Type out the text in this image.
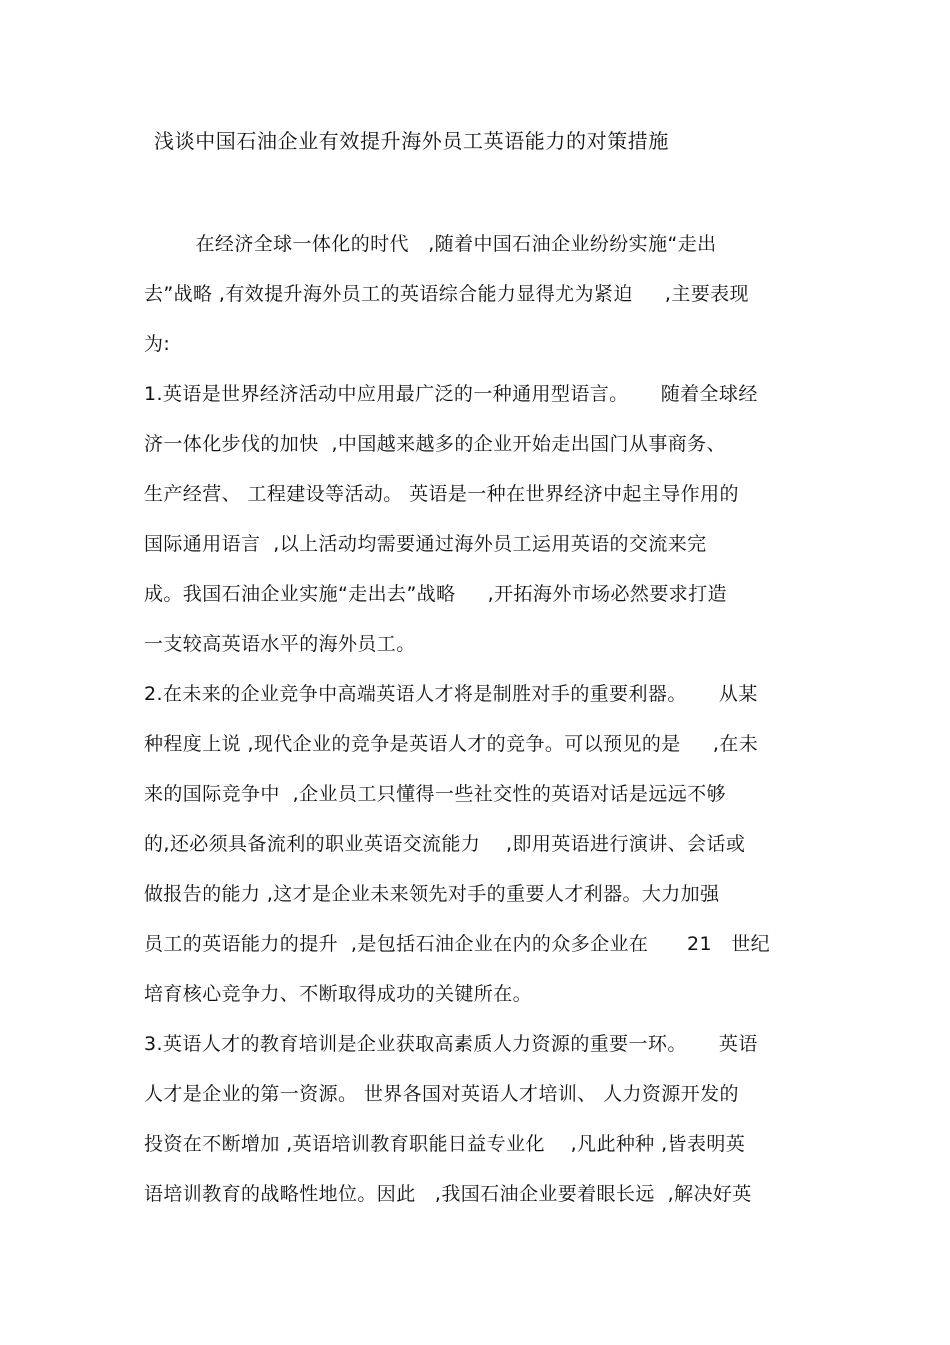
浅谈中国石油企业有效提升海外员工英语能力的对策措施
在经济全球一体化的时代   ,随着中国石油企业纷纷实施“走出
去”战略 ,有效提升海外员工的英语综合能力显得尤为紧迫     ,主要表现
为:
1.英语是世界经济活动中应用最广泛的一种通用型语言。     随着全球经
济一体化步伐的加快  ,中国越来越多的企业开始走出国门从事商务、
生产经营、 工程建设等活动。 英语是一种在世界经济中起主导作用的
国际通用语言  ,以上活动均需要通过海外员工运用英语的交流来完
成。我国石油企业实施“走出去”战略     ,开拓海外市场必然要求打造
一支较高英语水平的海外员工。
2.在未来的企业竞争中高端英语人才将是制胜对手的重要利器。     从某
种程度上说 ,现代企业的竞争是英语人才的竞争。可以预见的是     ,在未
来的国际竞争中  ,企业员工只懂得一些社交性的英语对话是远远不够
的,还必须具备流利的职业英语交流能力    ,即用英语进行演讲、会话或
做报告的能力 ,这才是企业未来领先对手的重要人才利器。大力加强
员工的英语能力的提升  ,是包括石油企业在内的众多企业在      21   世纪
培育核心竞争力、不断取得成功的关键所在。
3.英语人才的教育培训是企业获取高素质人力资源的重要一环。     英语
人才是企业的第一资源。 世界各国对英语人才培训、 人力资源开发的
投资在不断增加 ,英语培训教育职能日益专业化    ,凡此种种 ,皆表明英
语培训教育的战略性地位。因此   ,我国石油企业要着眼长远  ,解决好英
